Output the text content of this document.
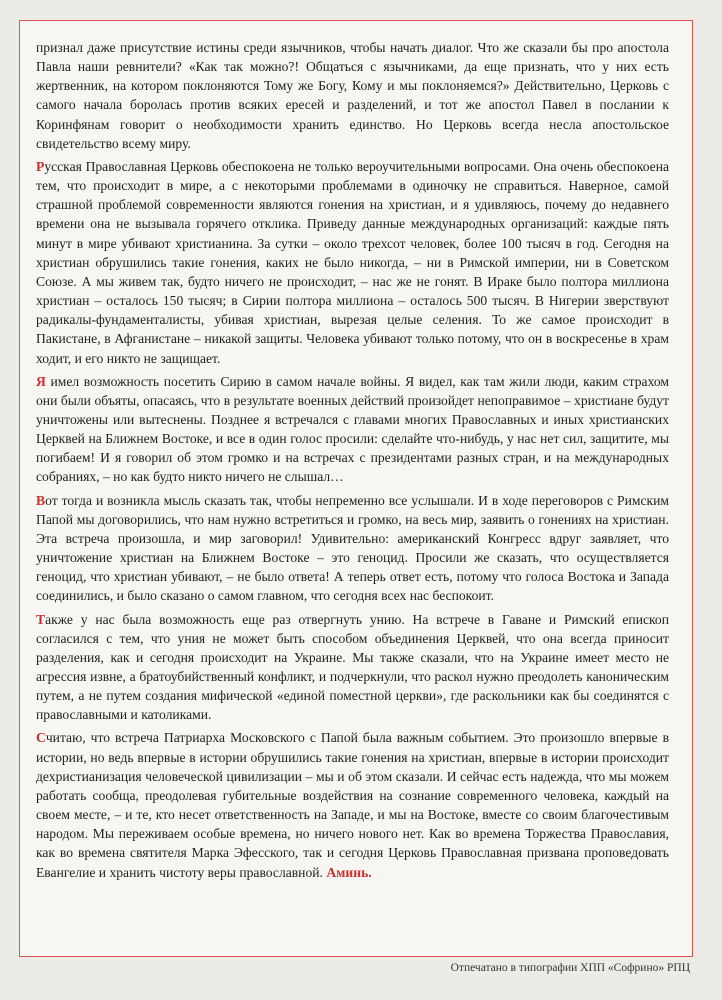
признал даже присутствие истины среди язычников, чтобы начать диалог. Что же сказали бы про апостола Павла наши ревнители? «Как так можно?! Общаться с язычниками, да еще признать, что у них есть жертвенник, на котором поклоняются Тому же Богу, Кому и мы поклоняемся?» Действительно, Церковь с самого начала боролась против всяких ересей и разделений, и тот же апостол Павел в послании к Коринфянам говорит о необходимости хранить единство. Но Церковь всегда несла апостольское свидетельство всему миру.

Русская Православная Церковь обеспокоена не только вероучительными вопросами. Она очень обеспокоена тем, что происходит в мире, а с некоторыми проблемами в одиночку не справиться. Наверное, самой страшной проблемой современности являются гонения на христиан, и я удивляюсь, почему до недавнего времени она не вызывала горячего отклика. Приведу данные международных организаций: каждые пять минут в мире убивают христианина. За сутки – около трехсот человек, более 100 тысяч в год. Сегодня на христиан обрушились такие гонения, каких не было никогда, – ни в Римской империи, ни в Советском Союзе. А мы живем так, будто ничего не происходит, – нас же не гонят. В Ираке было полтора миллиона христиан – осталось 150 тысяч; в Сирии полтора миллиона – осталось 500 тысяч. В Нигерии зверствуют радикалы-фундаменталисты, убивая христиан, вырезая целые селения. То же самое происходит в Пакистане, в Афганистане – никакой защиты. Человека убивают только потому, что он в воскресенье в храм ходит, и его никто не защищает.

Я имел возможность посетить Сирию в самом начале войны. Я видел, как там жили люди, каким страхом они были объяты, опасаясь, что в результате военных действий произойдет непоправимое – христиане будут уничтожены или вытеснены. Позднее я встречался с главами многих Православных и иных христианских Церквей на Ближнем Востоке, и все в один голос просили: сделайте что-нибудь, у нас нет сил, защитите, мы погибаем! И я говорил об этом громко и на встречах с президентами разных стран, и на международных собраниях, – но как будто никто ничего не слышал…

Вот тогда и возникла мысль сказать так, чтобы непременно все услышали. И в ходе переговоров с Римским Папой мы договорились, что нам нужно встретиться и громко, на весь мир, заявить о гонениях на христиан. Эта встреча произошла, и мир заговорил! Удивительно: американский Конгресс вдруг заявляет, что уничтожение христиан на Ближнем Востоке – это геноцид. Просили же сказать, что осуществляется геноцид, что христиан убивают, – не было ответа! А теперь ответ есть, потому что голоса Востока и Запада соединились, и было сказано о самом главном, что сегодня всех нас беспокоит.

Также у нас была возможность еще раз отвергнуть унию. На встрече в Гаване и Римский епископ согласился с тем, что уния не может быть способом объединения Церквей, что она всегда приносит разделения, как и сегодня происходит на Украине. Мы также сказали, что на Украине имеет место не агрессия извне, а братоубийственный конфликт, и подчеркнули, что раскол нужно преодолеть каноническим путем, а не путем создания мифической «единой поместной церкви», где раскольники как бы соединятся с православными и католиками.

Считаю, что встреча Патриарха Московского с Папой была важным событием. Это произошло впервые в истории, но ведь впервые в истории обрушились такие гонения на христиан, впервые в истории происходит дехристианизация человеческой цивилизации – мы и об этом сказали. И сейчас есть надежда, что мы можем работать сообща, преодолевая губительные воздействия на сознание современного человека, каждый на своем месте, – и те, кто несет ответственность на Западе, и мы на Востоке, вместе со своим благочестивым народом. Мы переживаем особые времена, но ничего нового нет. Как во времена Торжества Православия, как во времена святителя Марка Эфесского, так и сегодня Церковь Православная призвана проповедовать Евангелие и хранить чистоту веры православной. Аминь.

Отпечатано в типографии ХПП «Софрино» РПЦ
